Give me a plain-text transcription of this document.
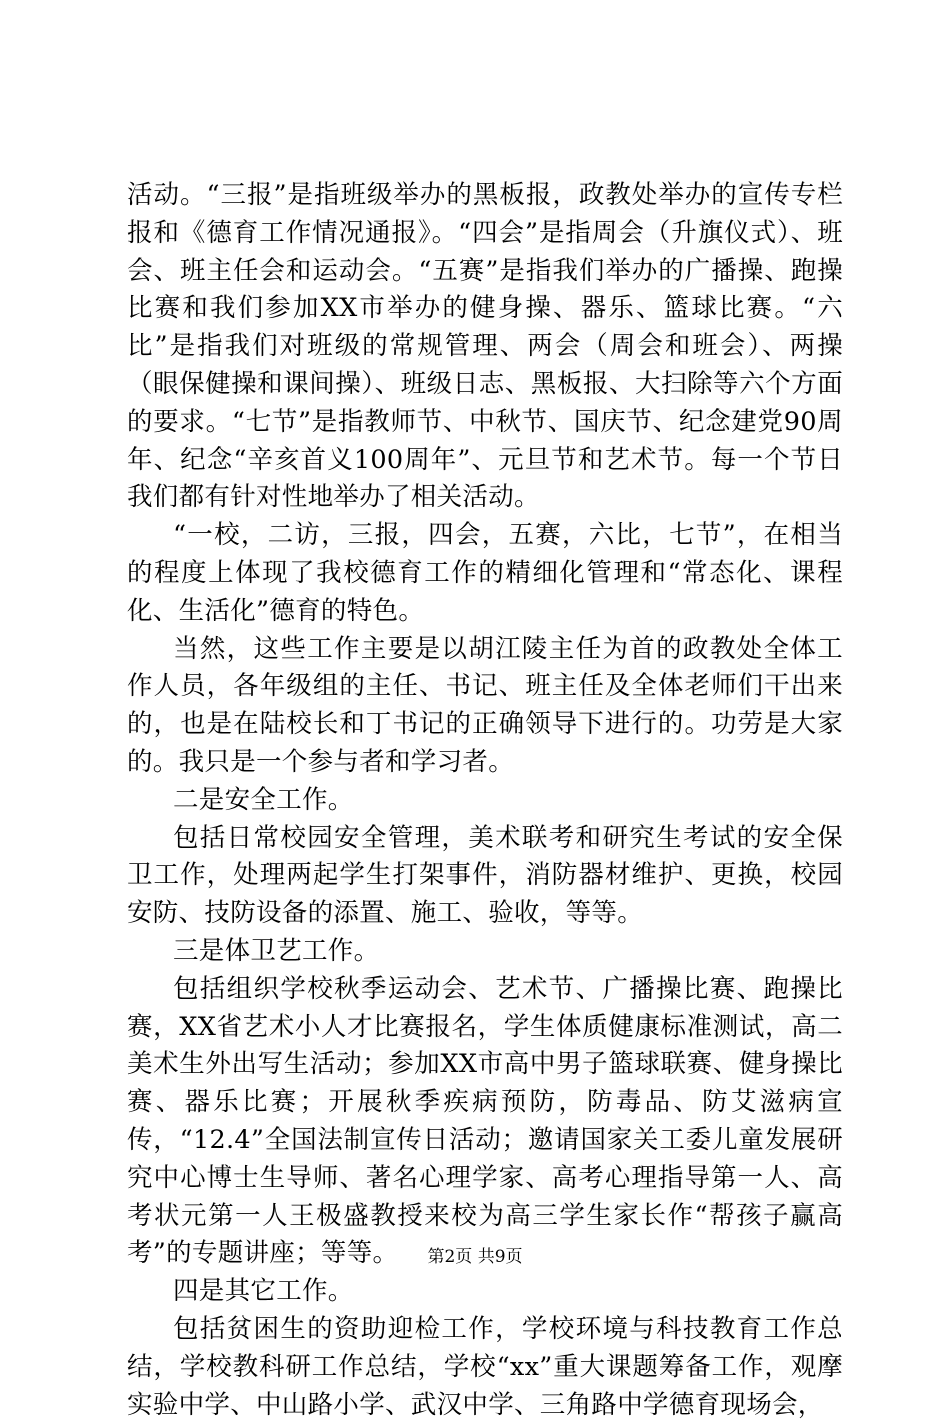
活动。“三报”是指班级举办的黑板报，政教处举办的宣传专栏报和《德育工作情况通报》。“四会”是指周会（升旗仪式）、班会、班主任会和运动会。“五赛”是指我们举办的广播操、跑操比赛和我们参加XX市举办的健身操、器乐、篮球比赛。“六比”是指我们对班级的常规管理、两会（周会和班会）、两操（眼保健操和课间操）、班级日志、黑板报、大扫除等六个方面的要求。“七节”是指教师节、中秋节、国庆节、纪念建党90周年、纪念“辛亥首义100周年”、元旦节和艺术节。每一个节日我们都有针对性地举办了相关活动。

“一校，二访，三报，四会，五赛，六比，七节”，在相当的程度上体现了我校德育工作的精细化管理和“常态化、课程化、生活化”德育的特色。

当然，这些工作主要是以胡江陵主任为首的政教处全体工作人员，各年级组的主任、书记、班主任及全体老师们干出来的，也是在陆校长和丁书记的正确领导下进行的。功劳是大家的。我只是一个参与者和学习者。

二是安全工作。

包括日常校园安全管理，美术联考和研究生考试的安全保卫工作，处理两起学生打架事件，消防器材维护、更换，校园安防、技防设备的添置、施工、验收，等等。

三是体卫艺工作。

包括组织学校秋季运动会、艺术节、广播操比赛、跑操比赛，XX省艺术小人才比赛报名，学生体质健康标准测试，高二美术生外出写生活动；参加XX市高中男子篮球联赛、健身操比赛、器乐比赛；开展秋季疾病预防，防毒品、防艾滋病宣传，“12.4”全国法制宣传日活动；邀请国家关工委儿童发展研究中心博士生导师、著名心理学家、高考心理指导第一人、高考状元第一人王极盛教授来校为高三学生家长作“帮孩子赢高考”的专题讲座；等等。

四是其它工作。

包括贫困生的资助迎检工作，学校环境与科技教育工作总结，学校教科研工作总结，学校“xx”重大课题筹备工作，观摩实验中学、中山路小学、武汉中学、三角路中学德育现场会，

第2页 共9页
